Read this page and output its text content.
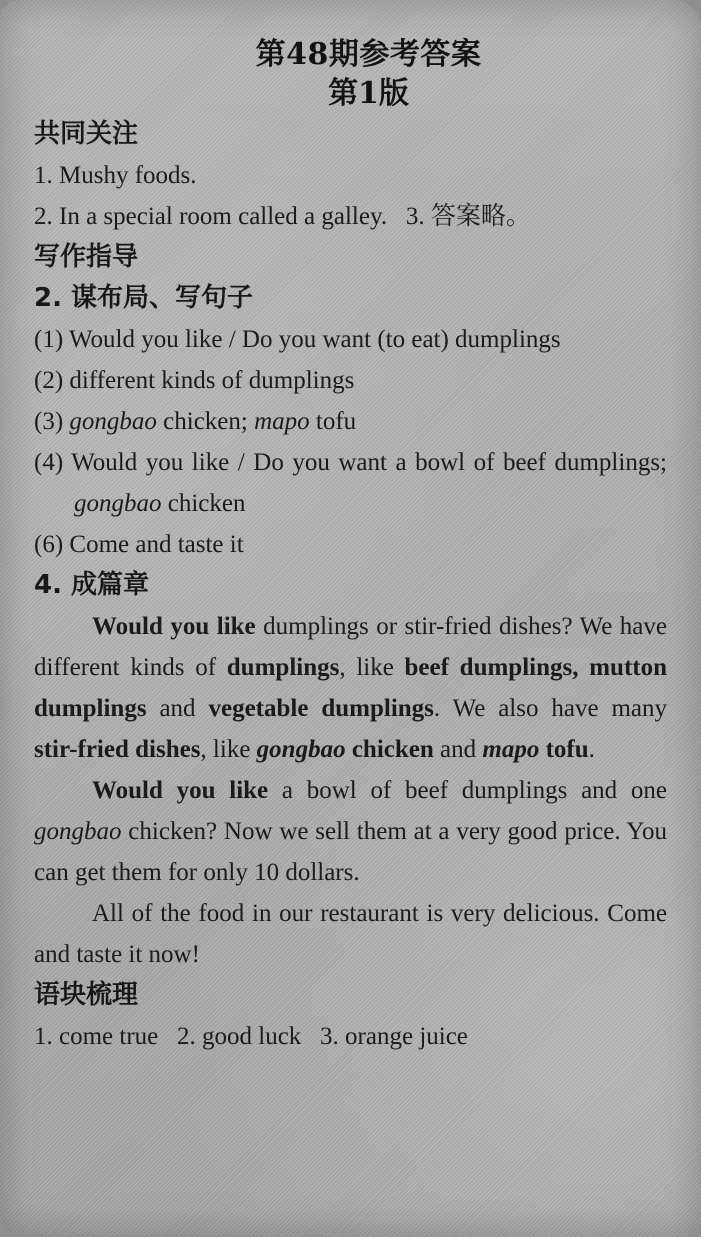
第48期参考答案
第1版
共同关注

1. Mushy foods.

2. In a special room called a galley. 3. 答案略。

写作指导
2. 谋布局、写句子

(1) Would you like / Do you want (to eat) dumplings

(2) different kinds of dumplings

(3) gongbao chicken; mapo tofu

(4) Would you like / Do you want a bowl of beef dumplings; gongbao chicken

(6) Come and taste it

4. 成篇章

Would you like dumplings or stir-fried dishes? We have different kinds of dumplings, like beef dumplings, mutton dumplings and vegetable dumplings. We also have many stir-fried dishes, like gongbao chicken and mapo tofu.

Would you like a bowl of beef dumplings and one gongbao chicken? Now we sell them at a very good price. You can get them for only 10 dollars.

All of the food in our restaurant is very delicious. Come and taste it now!

语块梳理

1. come true   2. good luck   3. orange juice
